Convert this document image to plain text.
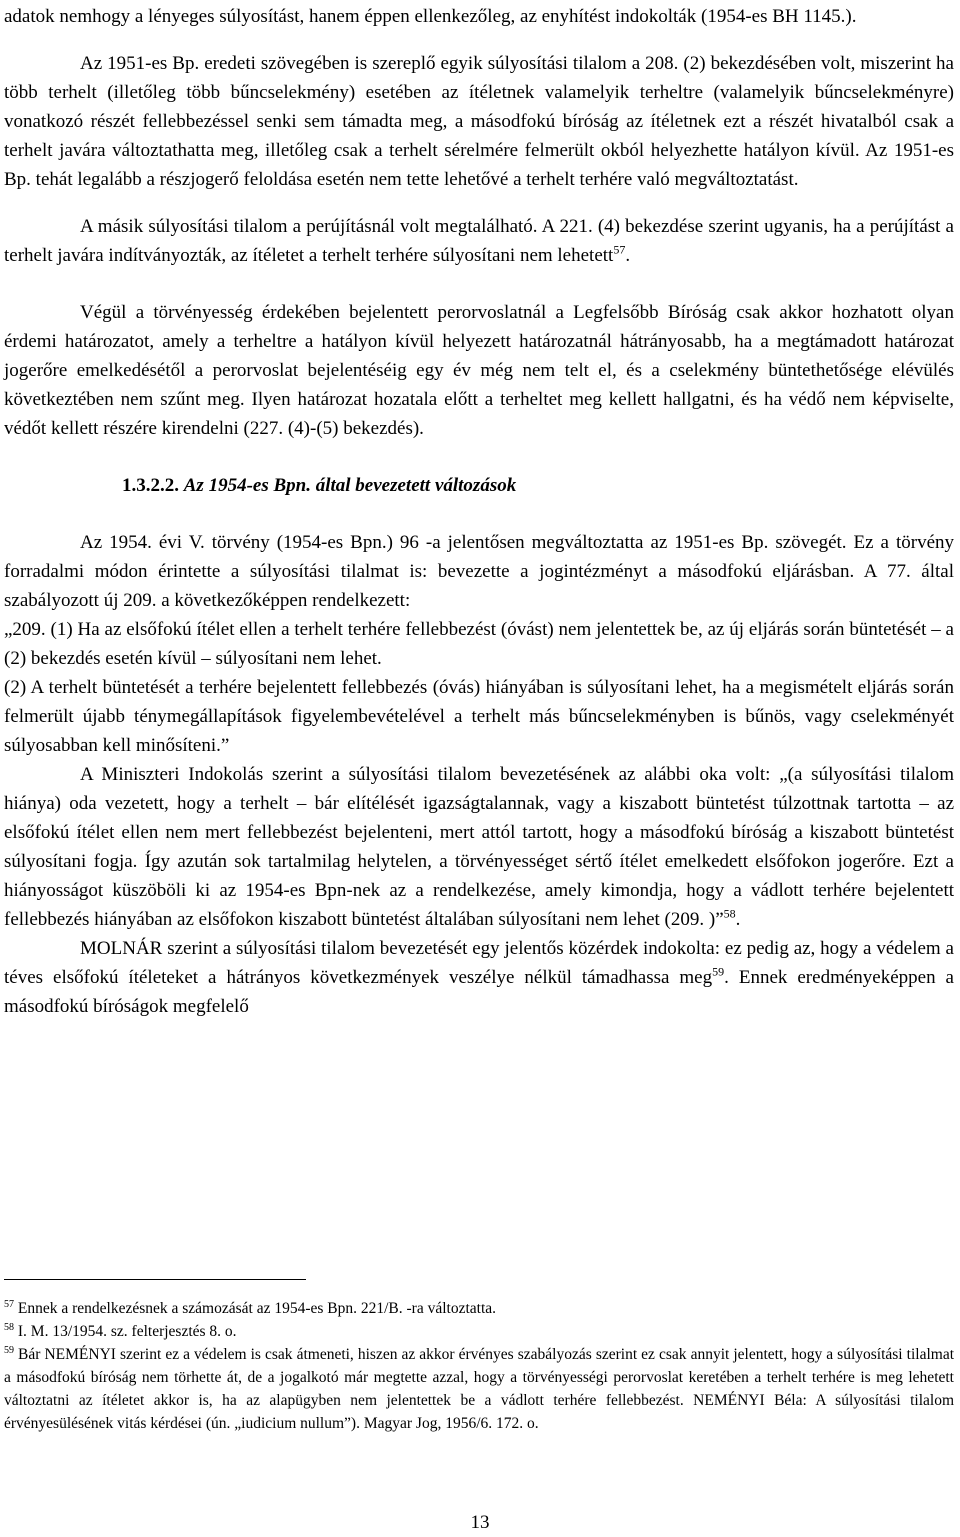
adatok nemhogy a lényeges súlyosítást, hanem éppen ellenkezőleg, az enyhítést indokolták (1954-es BH 1145.).

Az 1951-es Bp. eredeti szövegében is szereplő egyik súlyosítási tilalom a 208. (2) bekezdésében volt, miszerint ha több terhelt (illetőleg több bűncselekmény) esetében az ítéletnek valamelyik terheltre (valamelyik bűncselekményre) vonatkozó részét fellebbezéssel senki sem támadta meg, a másodfokú bíróság az ítéletnek ezt a részét hivatalból csak a terhelt javára változtathatta meg, illetőleg csak a terhelt sérelmére felmerült okból helyezhette hatályon kívül. Az 1951-es Bp. tehát legalább a részjogerő feloldása esetén nem tette lehetővé a terhelt terhére való megváltoztatást.

A másik súlyosítási tilalom a perújításnál volt megtalálható. A 221. (4) bekezdése szerint ugyanis, ha a perújítást a terhelt javára indítványozták, az ítéletet a terhelt terhére súlyosítani nem lehetett$^{57}$.

Végül a törvényesség érdekében bejelentett perorvoslatnál a Legfelsőbb Bíróság csak akkor hozhatott olyan érdemi határozatot, amely a terheltre a hatályon kívül helyezett határozatnál hátrányosabb, ha a megtámadott határozat jogerőre emelkedésétől a perorvoslat bejelentéséig egy év még nem telt el, és a cselekmény büntethetősége elévülés következtében nem szűnt meg. Ilyen határozat hozatala előtt a terheltet meg kellett hallgatni, és ha védő nem képviselte, védőt kellett részére kirendelni (227. (4)-(5) bekezdés).

1.3.2.2. Az 1954-es Bpn. által bevezetett változások

Az 1954. évi V. törvény (1954-es Bpn.) 96 -a jelentősen megváltoztatta az 1951-es Bp. szövegét. Ez a törvény forradalmi módon érintette a súlyosítási tilalmat is: bevezette a jogintézményt a másodfokú eljárásban. A 77. által szabályozott új 209. a következőképpen rendelkezett:

„209. (1) Ha az elsőfokú ítélet ellen a terhelt terhére fellebbezést (óvást) nem jelentettek be, az új eljárás során büntetését – a (2) bekezdés esetén kívül – súlyosítani nem lehet.

(2) A terhelt büntetését a terhére bejelentett fellebbezés (óvás) hiányában is súlyosítani lehet, ha a megismételt eljárás során felmerült újabb ténymegállapítások figyelembevételével a terhelt más bűncselekményben is bűnös, vagy cselekményét súlyosabban kell minősíteni.”

A Miniszteri Indokolás szerint a súlyosítási tilalom bevezetésének az alábbi oka volt: „(a súlyosítási tilalom hiánya) oda vezetett, hogy a terhelt – bár elítélését igazságtalannak, vagy a kiszabott büntetést túlzottnak tartotta – az elsőfokú ítélet ellen nem mert fellebbezést bejelenteni, mert attól tartott, hogy a másodfokú bíróság a kiszabott büntetést súlyosítani fogja. Így azután sok tartalmilag helytelen, a törvényességet sértő ítélet emelkedett elsőfokon jogerőre. Ezt a hiányosságot küszöböli ki az 1954-es Bpn-nek az a rendelkezése, amely kimondja, hogy a vádlott terhére bejelentett fellebbezés hiányában az elsőfokon kiszabott büntetést általában súlyosítani nem lehet (209. )”$^{58}$.

MOLNÁR szerint a súlyosítási tilalom bevezetését egy jelentős közérdek indokolta: ez pedig az, hogy a védelem a téves elsőfokú ítéleteket a hátrányos következmények veszélye nélkül támadhassa meg$^{59}$. Ennek eredményeképpen a másodfokú bíróságok megfelelő

$^{57}$ Ennek a rendelkezésnek a számozását az 1954-es Bpn. 221/B. -ra változtatta.

$^{58}$ I. M. 13/1954. sz. felterjesztés 8. o.

$^{59}$ Bár NEMÉNYI szerint ez a védelem is csak átmeneti, hiszen az akkor érvényes szabályozás szerint ez csak annyit jelentett, hogy a súlyosítási tilalmat a másodfokú bíróság nem törhette át, de a jogalkotó már megtette azzal, hogy a törvényességi perorvoslat keretében a terhelt terhére is meg lehetett változtatni az ítéletet akkor is, ha az alapügyben nem jelentettek be a vádlott terhére fellebbezést. NEMÉNYI Béla: A súlyosítási tilalom érvényesülésének vitás kérdései (ún. „iudicium nullum”). Magyar Jog, 1956/6. 172. o.

13
